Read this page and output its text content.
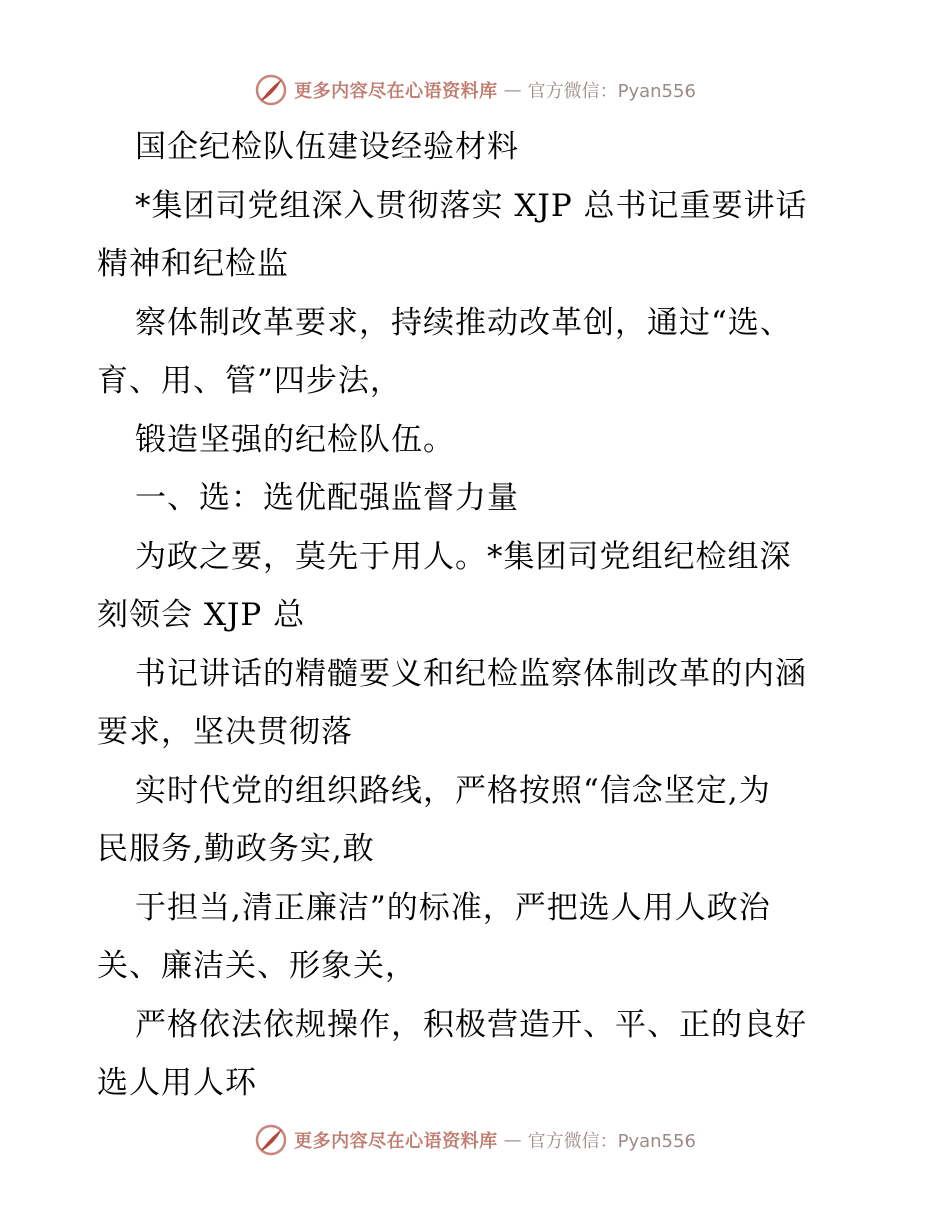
更多内容尽在心语资料库 — 官方微信：Pyan556
国企纪检队伍建设经验材料
*集团司党组深入贯彻落实 XJP 总书记重要讲话
精神和纪检监
察体制改革要求，持续推动改革创，通过“选、
育、用、管”四步法，
锻造坚强的纪检队伍。
一、选：选优配强监督力量
为政之要，莫先于用人。*集团司党组纪检组深
刻领会 XJP 总
书记讲话的精髓要义和纪检监察体制改革的内涵
要求，坚决贯彻落
实时代党的组织路线，严格按照“信念坚定,为
民服务,勤政务实,敢
于担当,清正廉洁”的标准，严把选人用人政治
关、廉洁关、形象关，
严格依法依规操作，积极营造开、平、正的良好
选人用人环
更多内容尽在心语资料库 — 官方微信：Pyan556
